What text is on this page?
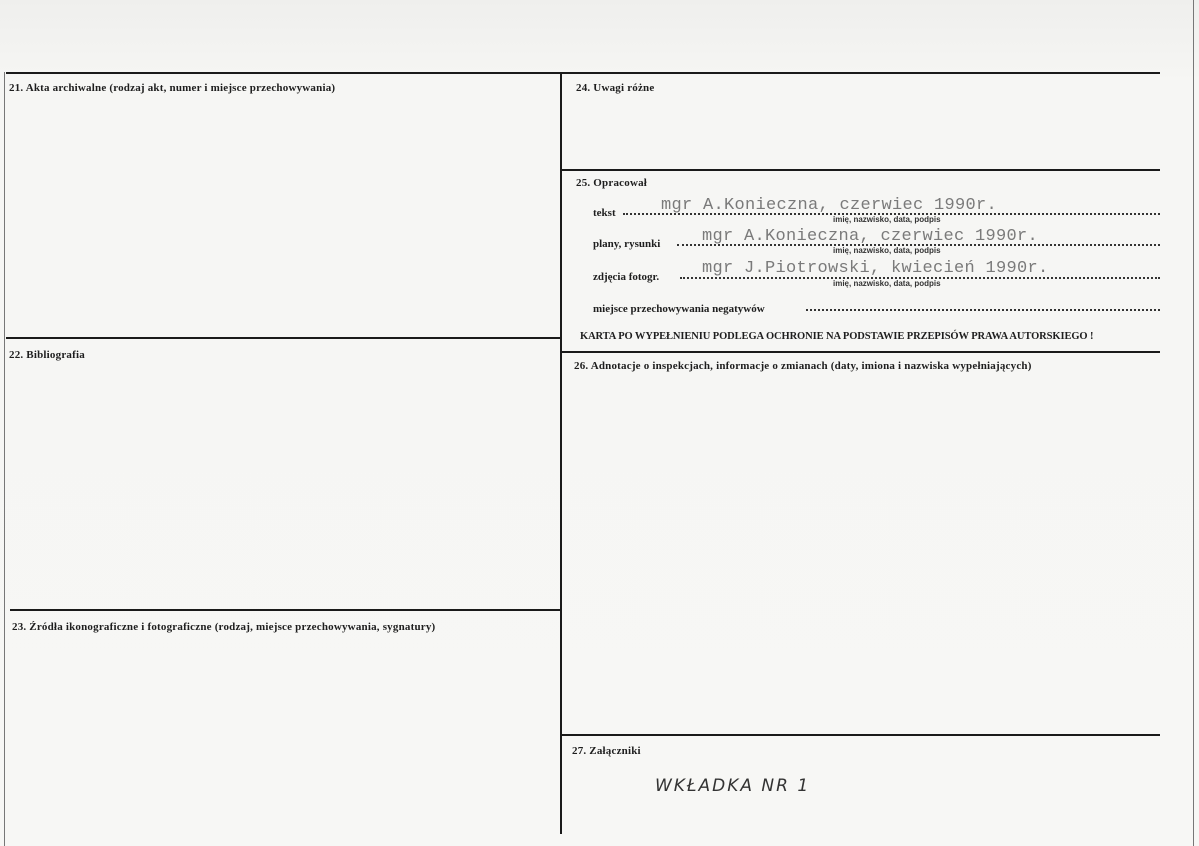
21. Akta archiwalne (rodzaj akt, numer i miejsce przechowywania)
22. Bibliografia
23. Źródła ikonograficzne i fotograficzne (rodzaj, miejsce przechowywania, sygnatury)
24. Uwagi różne
25. Opracował
26. Adnotacje o inspekcjach, informacje o zmianach (daty, imiona i nazwiska wypełniających)
27. Załączniki
tekst	mgr A.Konieczna, czerwiec 1990r.
imię, nazwisko, data, podpis
plany, rysunki mgr A.Konieczna, czerwiec 1990r.
imię, nazwisko, data, podpis
zdjęcia fotogr.	mgr J.Piotrowski, kwiecień 1990r.
imię, nazwisko, data, podpis
miejsce przechowywania negatywów
KARTA PO WYPEŁNIENIU PODLEGA OCHRONIE NA PODSTAWIE PRZEPISÓW PRAWA AUTORSKIEGO !
WKŁADKA NR 1
